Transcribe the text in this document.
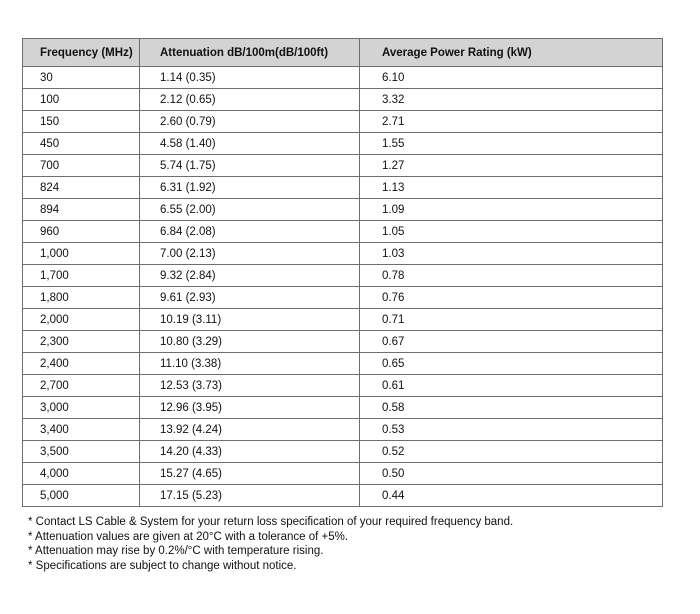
Frequency (MHz)	Attenuation dB/100m(dB/100ft)	Average Power Rating (kW)
30	1.14 (0.35)	6.10
100	2.12 (0.65)	3.32
150	2.60 (0.79)	2.71
450	4.58 (1.40)	1.55
700	5.74 (1.75)	1.27
824	6.31 (1.92)	1.13
894	6.55 (2.00)	1.09
960	6.84 (2.08)	1.05
1,000	7.00 (2.13)	1.03
1,700	9.32 (2.84)	0.78
1,800	9.61 (2.93)	0.76
2,000	10.19 (3.11)	0.71
2,300	10.80 (3.29)	0.67
2,400	11.10 (3.38)	0.65
2,700	12.53 (3.73)	0.61
3,000	12.96 (3.95)	0.58
3,400	13.92 (4.24)	0.53
3,500	14.20 (4.33)	0.52
4,000	15.27 (4.65)	0.50
5,000	17.15 (5.23)	0.44
* Contact LS Cable & System for your return loss specification of your required frequency band.
* Attenuation values are given at 20°C with a tolerance of +5%.
* Attenuation may rise by 0.2%/°C with temperature rising.
* Specifications are subject to change without notice.
